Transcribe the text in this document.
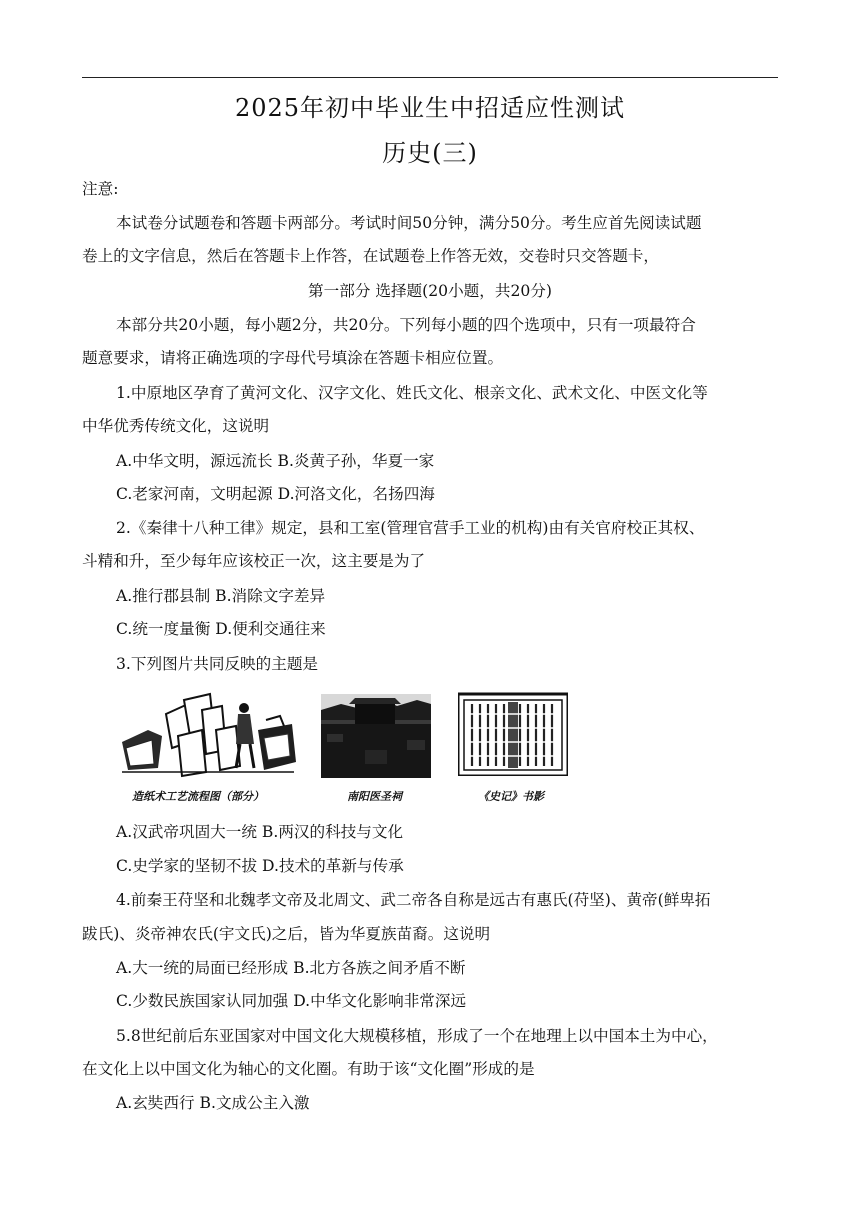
2025年初中毕业生中招适应性测试
历史(三)
注意:
本试卷分试题卷和答题卡两部分。考试时间50分钟，满分50分。考生应首先阅读试题
卷上的文字信息，然后在答题卡上作答，在试题卷上作答无效，交卷时只交答题卡，
第一部分 选择题(20小题，共20分)
本部分共20小题，每小题2分，共20分。下列每小题的四个选项中，只有一项最符合
题意要求，请将正确选项的字母代号填涂在答题卡相应位置。
1.中原地区孕育了黄河文化、汉字文化、姓氏文化、根亲文化、武术文化、中医文化等
中华优秀传统文化，这说明
A.中华文明，源远流长 B.炎黄子孙，华夏一家
C.老家河南，文明起源 D.河洛文化，名扬四海
2.《秦律十八种工律》规定，县和工室(管理官营手工业的机构)由有关官府校正其权、
斗精和升，至少每年应该校正一次，这主要是为了
A.推行郡县制 B.消除文字差异
C.统一度量衡 D.便利交通往来
3.下列图片共同反映的主题是
造纸术工艺流程图（部分）	南阳医圣祠	《史记》书影
A.汉武帝巩固大一统 B.两汉的科技与文化
C.史学家的坚韧不拔 D.技术的革新与传承
4.前秦王苻坚和北魏孝文帝及北周文、武二帝各自称是远古有惠氏(苻坚)、黄帝(鲜卑拓
跋氏)、炎帝神农氏(宇文氏)之后，皆为华夏族苗裔。这说明
A.大一统的局面已经形成 B.北方各族之间矛盾不断
C.少数民族国家认同加强 D.中华文化影响非常深远
5.8世纪前后东亚国家对中国文化大规模移植，形成了一个在地理上以中国本土为中心，
在文化上以中国文化为轴心的文化圈。有助于该“文化圈”形成的是
A.玄奘西行 B.文成公主入激
